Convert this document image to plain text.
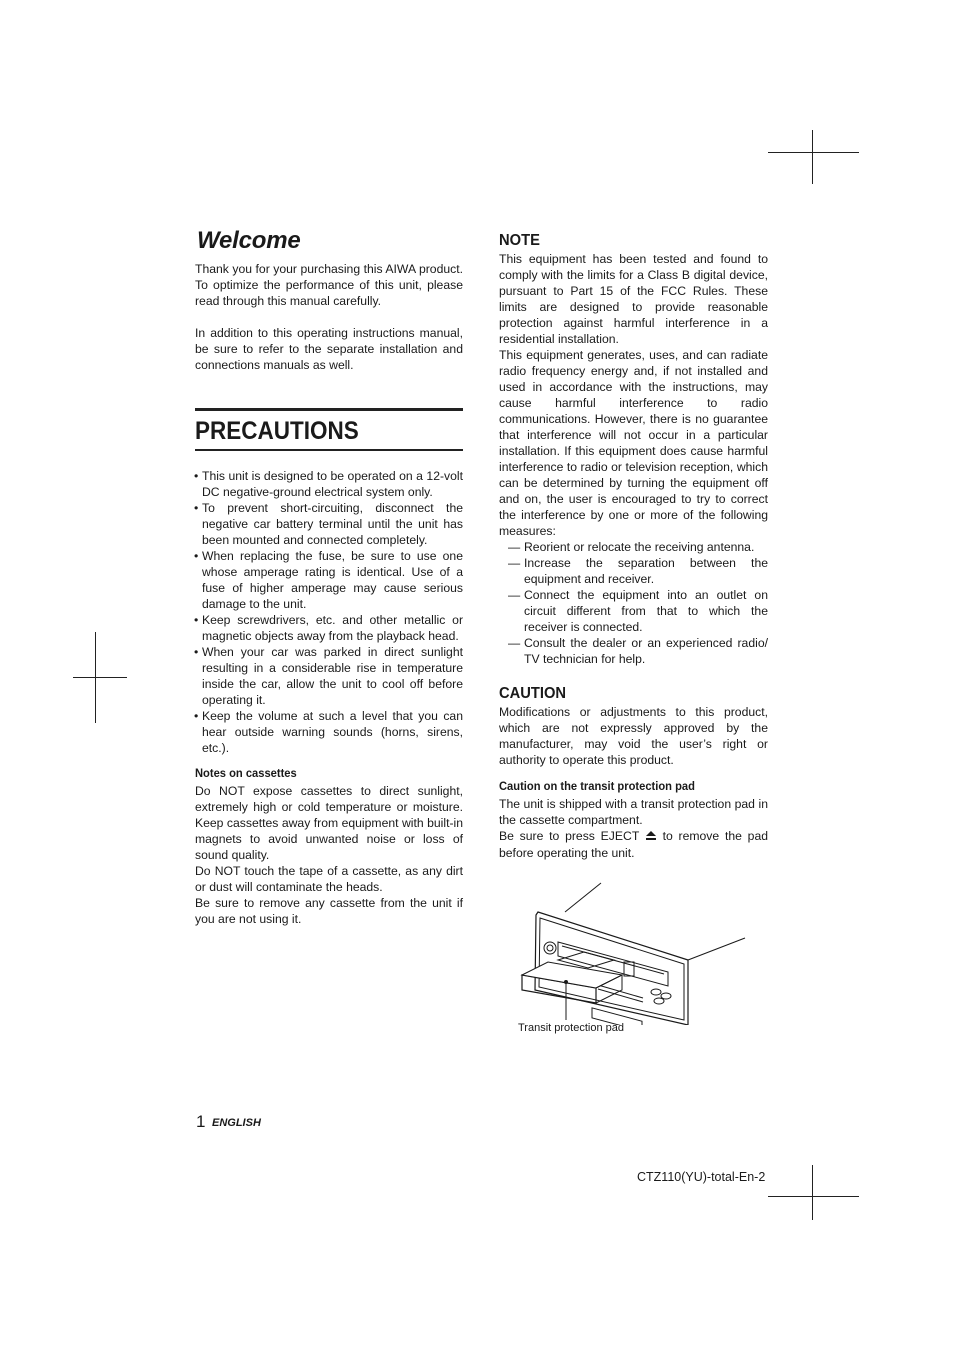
Welcome

Thank you for your purchasing this AIWA product. To optimize the performance of this unit, please read through this manual carefully.

In addition to this operating instructions manual, be sure to refer to the separate installation and connections manuals as well.

PRECAUTIONS
• This unit is designed to be operated on a 12-volt DC negative-ground electrical system only.
• To prevent short-circuiting, disconnect the negative car battery terminal until the unit has been mounted and connected completely.
• When replacing the fuse, be sure to use one whose amperage rating is identical. Use of a fuse of higher amperage may cause serious damage to the unit.
• Keep screwdrivers, etc. and other metallic or magnetic objects away from the playback head.
• When your car was parked in direct sunlight resulting in a considerable rise in temperature inside the car, allow the unit to cool off before operating it.
• Keep the volume at such a level that you can hear outside warning sounds (horns, sirens, etc.).
Notes on cassettes

Do NOT expose cassettes to direct sunlight, extremely high or cold temperature or moisture. Keep cassettes away from equipment with built-in magnets to avoid unwanted noise or loss of sound quality.

Do NOT touch the tape of a cassette, as any dirt or dust will contaminate the heads.

Be sure to remove any cassette from the unit if you are not using it.

NOTE

This equipment has been tested and found to comply with the limits for a Class B digital device, pursuant to Part 15 of the FCC Rules. These limits are designed to provide reasonable protection against harmful interference in a residential installation.

This equipment generates, uses, and can radiate radio frequency energy and, if not installed and used in accordance with the instructions, may cause harmful interference to radio communications. However, there is no guarantee that interference will not occur in a particular installation. If this equipment does cause harmful interference to radio or television reception, which can be determined by turning the equipment off and on, the user is encouraged to try to correct the interference by one or more of the following measures:

— Reorient or relocate the receiving antenna.
— Increase the separation between the equipment and receiver.
— Connect the equipment into an outlet on circuit different from that to which the receiver is connected.
— Consult the dealer or an experienced radio/ TV technician for help.
CAUTION

Modifications or adjustments to this product, which are not expressly approved by the manufacturer, may void the user’s right or authority to operate this product.

Caution on the transit protection pad

The unit is shipped with a transit protection pad in the cassette compartment.

Be sure to press EJECT to remove the pad before operating the unit.

Transit protection pad
1 ENGLISH
CTZ110(YU)-total-En-2
